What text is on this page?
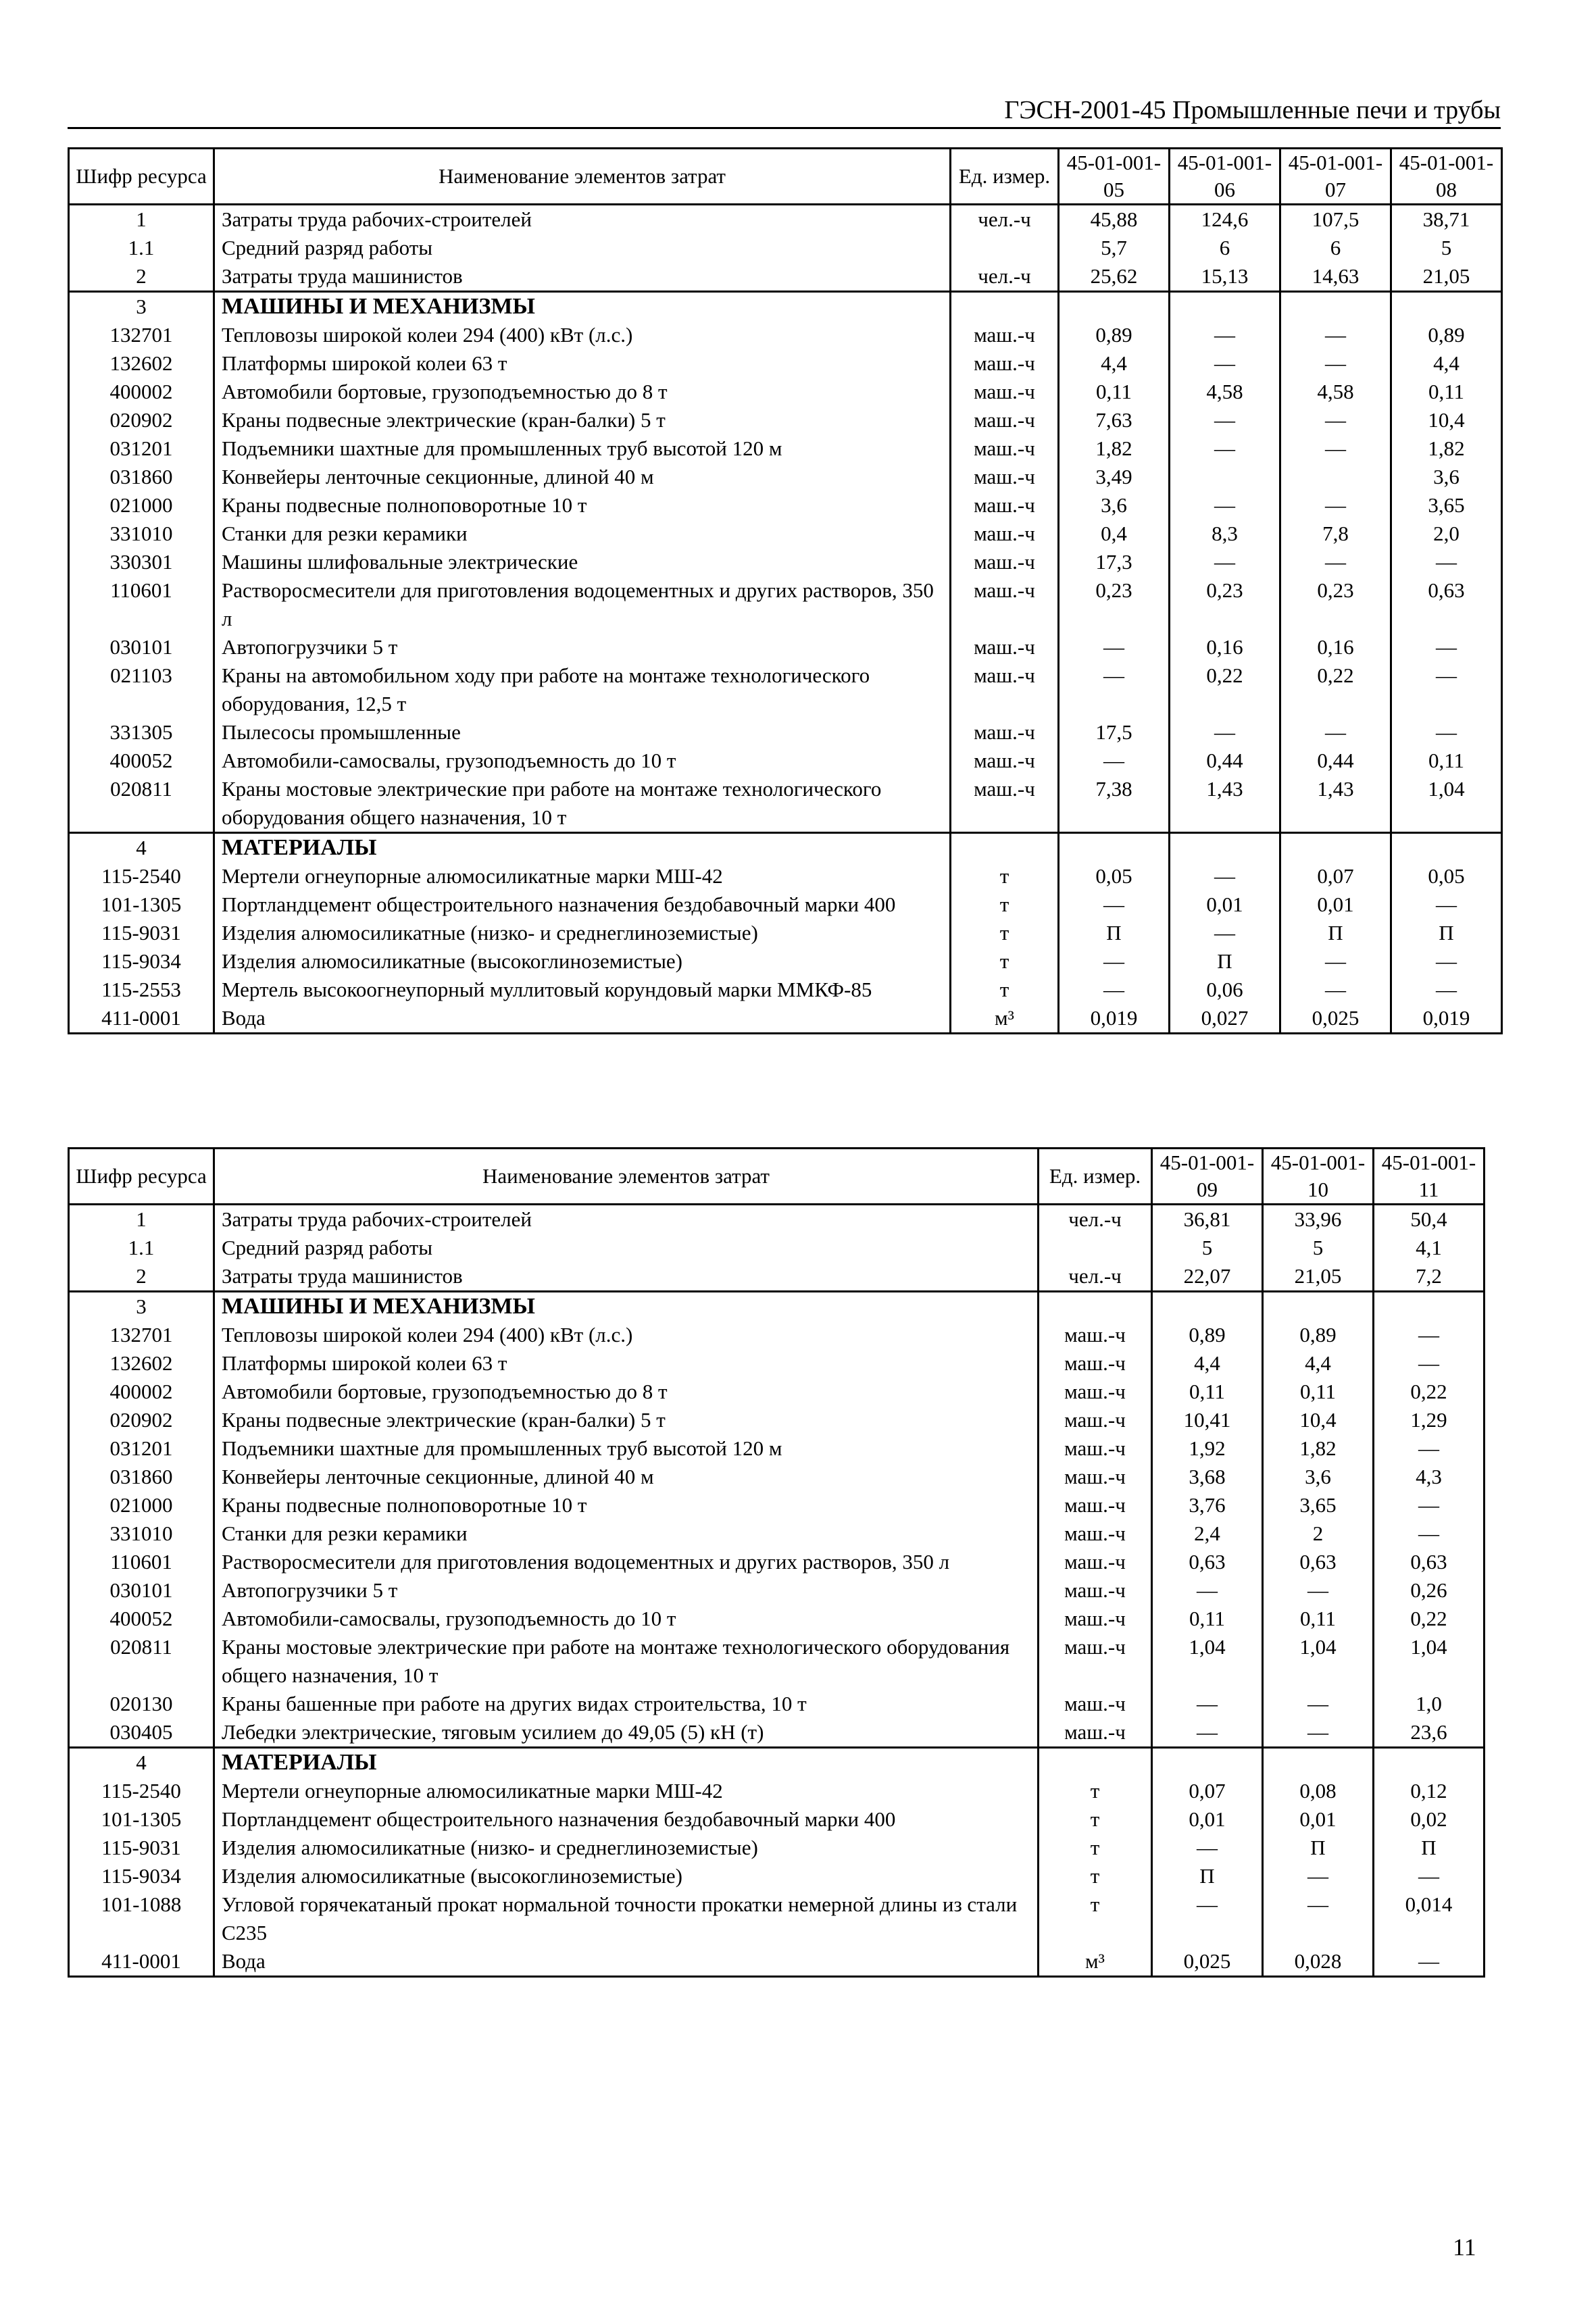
ГЭСН-2001-45 Промышленные печи и трубы
Шифр ресурса	Наименование элементов затрат	Ед. измер.	45-01-001-05	45-01-001-06	45-01-001-07	45-01-001-08
1	Затраты труда рабочих-строителей	чел.-ч	45,88	124,6	107,5	38,71
1.1	Средний разряд работы		5,7	6	6	5
2	Затраты труда машинистов	чел.-ч	25,62	15,13	14,63	21,05
3	МАШИНЫ И МЕХАНИЗМЫ					
132701	Тепловозы широкой колеи 294 (400) кВт (л.с.)	маш.-ч	0,89	—	—	0,89
132602	Платформы широкой колеи 63 т	маш.-ч	4,4	—	—	4,4
400002	Автомобили бортовые, грузоподъемностью до 8 т	маш.-ч	0,11	4,58	4,58	0,11
020902	Краны подвесные электрические (кран-балки) 5 т	маш.-ч	7,63	—	—	10,4
031201	Подъемники шахтные для промышленных труб высотой 120 м	маш.-ч	1,82	—	—	1,82
031860	Конвейеры ленточные секционные, длиной 40 м	маш.-ч	3,49			3,6
021000	Краны подвесные полноповоротные 10 т	маш.-ч	3,6	—	—	3,65
331010	Станки для резки керамики	маш.-ч	0,4	8,3	7,8	2,0
330301	Машины шлифовальные электрические	маш.-ч	17,3	—	—	—
110601	Растворосмесители для приготовления водоцементных и других растворов, 350 л	маш.-ч	0,23	0,23	0,23	0,63
030101	Автопогрузчики 5 т	маш.-ч	—	0,16	0,16	—
021103	Краны на автомобильном ходу при работе на монтаже технологического оборудования, 12,5 т	маш.-ч	—	0,22	0,22	—
331305	Пылесосы промышленные	маш.-ч	17,5	—	—	—
400052	Автомобили-самосвалы, грузоподъемность до 10 т	маш.-ч	—	0,44	0,44	0,11
020811	Краны мостовые электрические при работе на монтаже технологического оборудования общего назначения, 10 т	маш.-ч	7,38	1,43	1,43	1,04
4	МАТЕРИАЛЫ					
115-2540	Мертели огнеупорные алюмосиликатные марки МШ-42	т	0,05	—	0,07	0,05
101-1305	Портландцемент общестроительного назначения бездобавочный марки 400	т	—	0,01	0,01	—
115-9031	Изделия алюмосиликатные (низко- и среднеглиноземистые)	т	П	—	П	П
115-9034	Изделия алюмосиликатные (высокоглиноземистые)	т	—	П	—	—
115-2553	Мертель высокоогнеупорный муллитовый корундовый марки ММКФ-85	т	—	0,06	—	—
411-0001	Вода	м³	0,019	0,027	0,025	0,019
Шифр ресурса	Наименование элементов затрат	Ед. измер.	45-01-001-09	45-01-001-10	45-01-001-11
1	Затраты труда рабочих-строителей	чел.-ч	36,81	33,96	50,4
1.1	Средний разряд работы		5	5	4,1
2	Затраты труда машинистов	чел.-ч	22,07	21,05	7,2
3	МАШИНЫ И МЕХАНИЗМЫ				
132701	Тепловозы широкой колеи 294 (400) кВт (л.с.)	маш.-ч	0,89	0,89	—
132602	Платформы широкой колеи 63 т	маш.-ч	4,4	4,4	—
400002	Автомобили бортовые, грузоподъемностью до 8 т	маш.-ч	0,11	0,11	0,22
020902	Краны подвесные электрические (кран-балки) 5 т	маш.-ч	10,41	10,4	1,29
031201	Подъемники шахтные для промышленных труб высотой 120 м	маш.-ч	1,92	1,82	—
031860	Конвейеры ленточные секционные, длиной 40 м	маш.-ч	3,68	3,6	4,3
021000	Краны подвесные полноповоротные 10 т	маш.-ч	3,76	3,65	—
331010	Станки для резки керамики	маш.-ч	2,4	2	—
110601	Растворосмесители для приготовления водоцементных и других растворов, 350 л	маш.-ч	0,63	0,63	0,63
030101	Автопогрузчики 5 т	маш.-ч	—	—	0,26
400052	Автомобили-самосвалы, грузоподъемность до 10 т	маш.-ч	0,11	0,11	0,22
020811	Краны мостовые электрические при работе на монтаже технологического оборудования общего назначения, 10 т	маш.-ч	1,04	1,04	1,04
020130	Краны башенные при работе на других видах строительства, 10 т	маш.-ч	—	—	1,0
030405	Лебедки электрические, тяговым усилием до 49,05 (5) кН (т)	маш.-ч	—	—	23,6
4	МАТЕРИАЛЫ				
115-2540	Мертели огнеупорные алюмосиликатные марки МШ-42	т	0,07	0,08	0,12
101-1305	Портландцемент общестроительного назначения бездобавочный марки 400	т	0,01	0,01	0,02
115-9031	Изделия алюмосиликатные (низко- и среднеглиноземистые)	т	—	П	П
115-9034	Изделия алюмосиликатные (высокоглиноземистые)	т	П	—	—
101-1088	Угловой горячекатаный прокат нормальной точности прокатки немерной длины из стали С235	т	—	—	0,014
411-0001	Вода	м³	0,025	0,028	—
11
